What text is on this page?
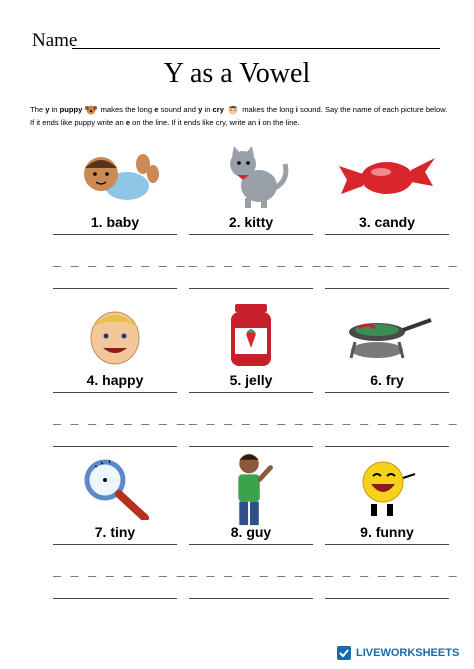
Name
Y as a Vowel
The y in puppy  makes the long e sound and y in cry  makes the long i sound. Say the name of each picture below. If it ends like puppy write an e on the line. If it ends like cry, write an i on the line.
1. baby
_ _ _ _ _ _ _ _
2. kitty
_ _ _ _ _ _ _ _
3. candy
_ _ _ _ _ _ _ _
4. happy
_ _ _ _ _ _ _ _
5. jelly
_ _ _ _ _ _ _ _
6. fry
_ _ _ _ _ _ _ _
7. tiny
_ _ _ _ _ _ _ _
8. guy
_ _ _ _ _ _ _ _
9. funny
_ _ _ _ _ _ _ _
LIVEWORKSHEETS
